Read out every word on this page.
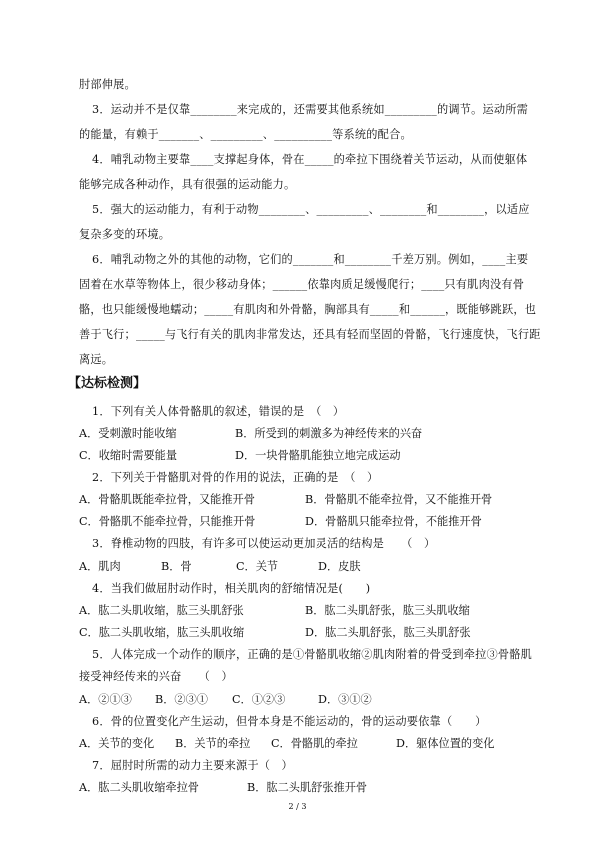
肘部伸展。
3．运动并不是仅靠________来完成的，还需要其他系统如_________的调节。运动所需
的能量，有赖于_______、_________、__________等系统的配合。
4．哺乳动物主要靠____支撑起身体，骨在_____的牵拉下围绕着关节运动，从而使躯体
能够完成各种动作，具有很强的运动能力。
5．强大的运动能力，有利于动物________、_________、________和________，以适应
复杂多变的环境。
6．哺乳动物之外的其他的动物，它们的_______和________千差万别。例如，____主要
固着在水草等物体上，很少移动身体；______依靠肉质足缓慢爬行；____只有肌肉没有骨
骼，也只能缓慢地蠕动；_____有肌肉和外骨骼，胸部具有_____和______，既能够跳跃，也
善于飞行；_____与飞行有关的肌肉非常发达，还具有轻而坚固的骨骼，飞行速度快，飞行距
离远。
【达标检测】
1．下列有关人体骨骼肌的叙述，错误的是　（　）
A．受刺激时能收缩	B．所受到的刺激多为神经传来的兴奋
C．收缩时需要能量	D．一块骨骼肌能独立地完成运动
2．下列关于骨骼肌对骨的作用的说法，正确的是　（　）
A．骨骼肌既能牵拉骨，又能推开骨	B．骨骼肌不能牵拉骨，又不能推开骨
C．骨骼肌不能牵拉骨，只能推开骨	D．骨骼肌只能牵拉骨，不能推开骨
3．脊椎动物的四肢，有许多可以使运动更加灵活的结构是　　（　）
A．肌肉	B．骨	C．关节	D．皮肤
4．当我们做屈肘动作时，相关肌肉的舒缩情况是(　　)
A．肱二头肌收缩，肱三头肌舒张	B．肱二头肌舒张，肱三头肌收缩
C．肱二头肌收缩，肱三头肌收缩	D．肱二头肌舒张，肱三头肌舒张
5．人体完成一个动作的顺序，正确的是①骨骼肌收缩②肌肉附着的骨受到牵拉③骨骼肌
接受神经传来的兴奋　　（　）
A．②①③ B．②③① C．①②③	D．③①②
6．骨的位置变化产生运动，但骨本身是不能运动的，骨的运动要依靠（　　）
A．关节的变化 B．关节的牵拉 C．骨骼肌的牵拉	D．躯体位置的变化
7．屈肘时所需的动力主要来源于（　）
A．肱二头肌收缩牵拉骨	B．肱二头肌舒张推开骨
2 / 3
